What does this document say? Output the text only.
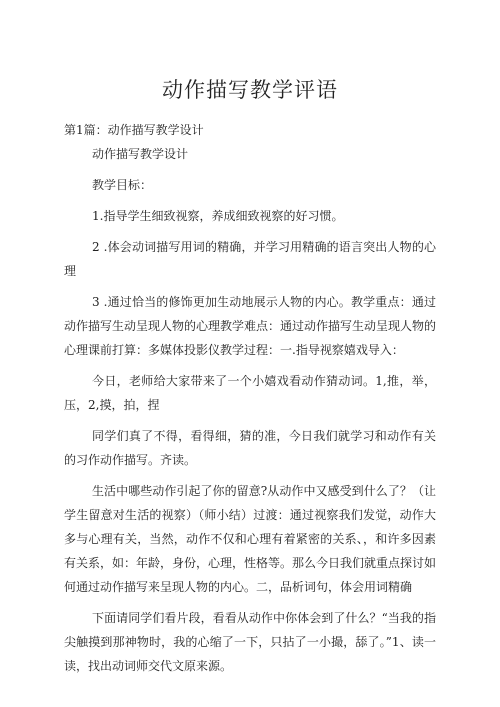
动作描写教学评语

第1篇：动作描写教学设计

动作描写教学设计

教学目标：

1.指导学生细致视察，养成细致视察的好习惯。

2 .体会动词描写用词的精确，并学习用精确的语言突出人物的心理

3 .通过恰当的修饰更加生动地展示人物的内心。教学重点：通过动作描写生动呈现人物的心理教学难点：通过动作描写生动呈现人物的心理课前打算：多媒体投影仪教学过程：一.指导视察嬉戏导入：

今日，老师给大家带来了一个小嬉戏看动作猜动词。1,推，举，压，2,摸，拍，捏

同学们真了不得，看得细，猜的准，今日我们就学习和动作有关的习作动作描写。齐读。

生活中哪些动作引起了你的留意?从动作中又感受到什么了？（让学生留意对生活的视察）（师小结）过渡：通过视察我们发觉，动作大多与心理有关，当然，动作不仅和心理有着紧密的关系、，和许多因素有关系，如：年龄，身份，心理，性格等。那么今日我们就重点探讨如何通过动作描写来呈现人物的内心。二，品析词句，体会用词精确

下面请同学们看片段，看看从动作中你体会到了什么？“当我的指尖触摸到那神物时，我的心缩了一下，只拈了一小撮，舔了。”1、读一读，找出动词师交代文原来源。
